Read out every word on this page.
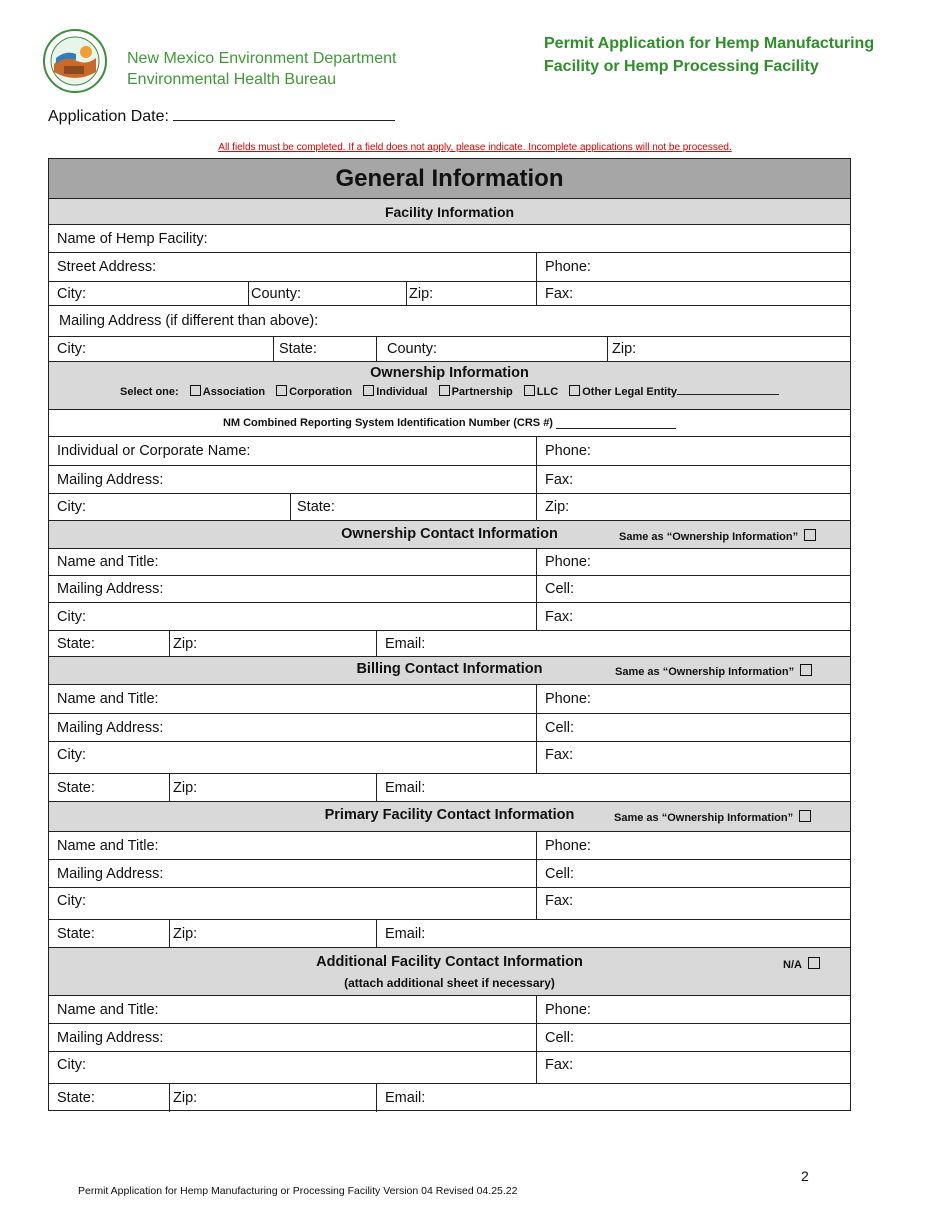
New Mexico Environment Department
Environmental Health Bureau
Permit Application for Hemp Manufacturing
Facility or Hemp Processing Facility
Application Date:
All fields must be completed. If a field does not apply, please indicate. Incomplete applications will not be processed.
General Information
Facility Information
Name of Hemp Facility:
Street Address:	Phone:
City:	County:	Zip:	Fax:
Mailing Address (if different than above):
City:	State:	County:	Zip:
Ownership Information
Select one: Association Corporation Individual Partnership LLC Other Legal Entity
NM Combined Reporting System Identification Number (CRS #)

Individual or Corporate Name:	Phone:
Mailing Address:	Fax:
City:	State:	Zip:
Ownership Contact Information	Same as “Ownership Information”
Name and Title:	Phone:
Mailing Address:	Cell:
City:	Fax:
State:	Zip:	Email:
Billing Contact Information	Same as “Ownership Information”
Name and Title:	Phone:
Mailing Address:	Cell:
City:	Fax:
State:	Zip:	Email:
Primary Facility Contact Information	Same as “Ownership Information”
Name and Title:	Phone:
Mailing Address:	Cell:
City:	Fax:
State:	Zip:	Email:
Additional Facility Contact Information
(attach additional sheet if necessary)
N/A
Name and Title:	Phone:
Mailing Address:	Cell:
City:	Fax:
State:	Zip:	Email:
2
Permit Application for Hemp Manufacturing or Processing Facility Version 04 Revised 04.25.22
